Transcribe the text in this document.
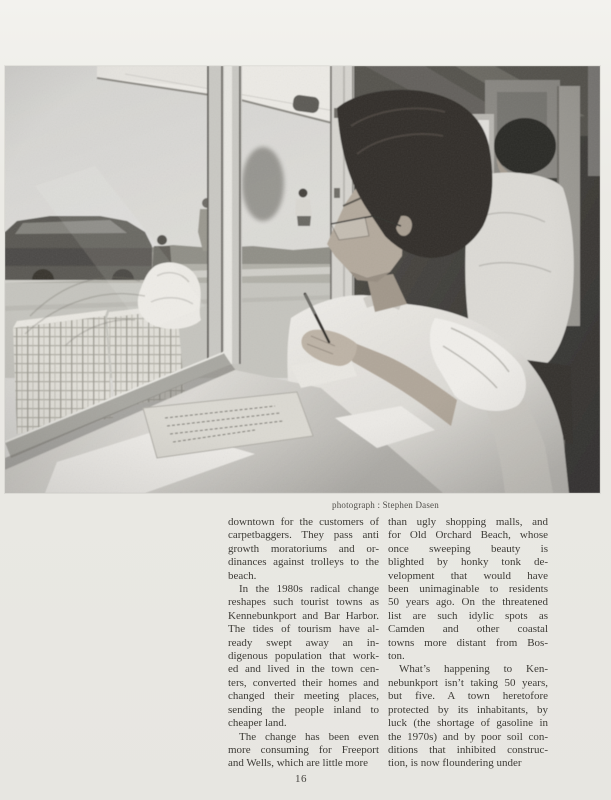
photograph : Stephen Dasen
downtown for the customers of
carpetbaggers. They pass anti
growth moratoriums and or-
dinances against trolleys to the
beach.
In the 1980s radical change
reshapes such tourist towns as
Kennebunkport and Bar Harbor.
The tides of tourism have al-
ready swept away an in-
digenous population that work-
ed and lived in the town cen-
ters, converted their homes and
changed their meeting places,
sending the people inland to
cheaper land.
The change has been even
more consuming for Freeport
and Wells, which are little more
than ugly shopping malls, and
for Old Orchard Beach, whose
once sweeping beauty is
blighted by honky tonk de-
velopment that would have
been unimaginable to residents
50 years ago. On the threatened
list are such idylic spots as
Camden and other coastal
towns more distant from Bos-
ton.
What’s happening to Ken-
nebunkport isn’t taking 50 years,
but five. A town heretofore
protected by its inhabitants, by
luck (the shortage of gasoline in
the 1970s) and by poor soil con-
ditions that inhibited construc-
tion, is now floundering under
16
